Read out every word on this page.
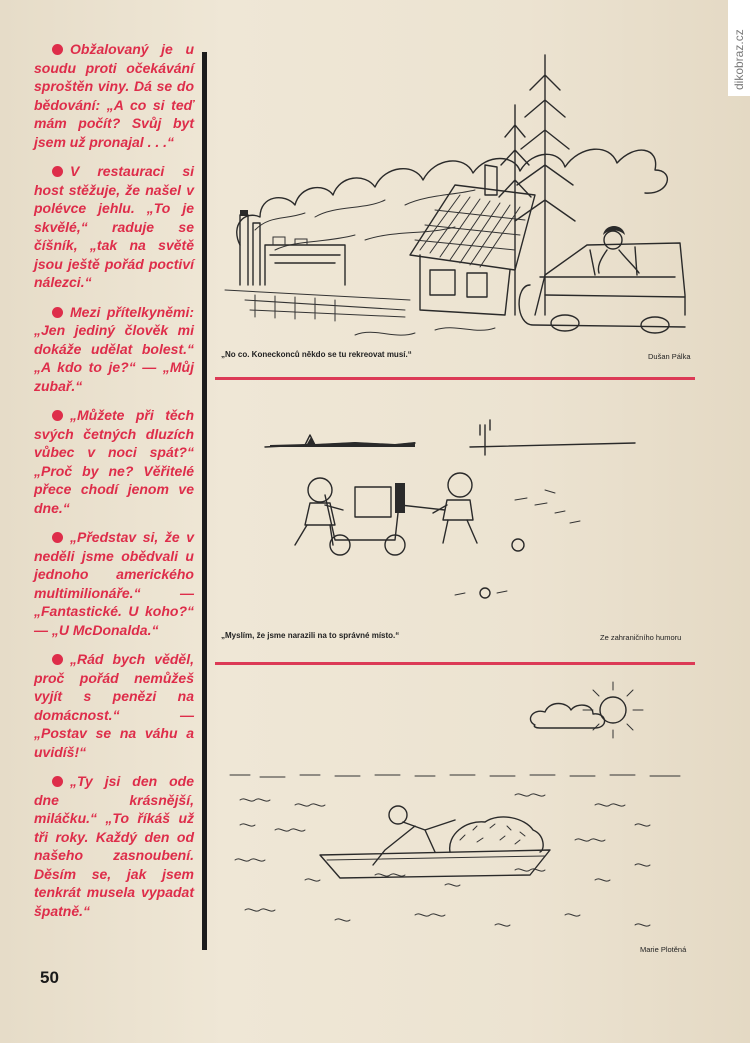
dikobraz.cz

Obžalovaný je u soudu proti očekávání sproštěn viny. Dá se do bědování: „A co si teď mám počít? Svůj byt jsem už pronajal . . .“

V restauraci si host stěžuje, že našel v polévce jehlu. „To je skvělé,“ raduje se číšník, „tak na světě jsou ještě pořád poctiví nálezci.“

Mezi přítelkyněmi: „Jen jediný člověk mi dokáže udělat bolest.“ „A kdo to je?“ — „Můj zubař.“

„Můžete při těch svých četných dluzích vůbec v noci spát?“ „Proč by ne? Věřitelé přece chodí jenom ve dne.“

„Představ si, že v neděli jsme obědvali u jednoho amerického multimilionáře.“ — „Fantastické. U koho?“ — „U McDonalda.“

„Rád bych věděl, proč pořád nemůžeš vyjít s penězi na domácnost.“ — „Postav se na váhu a uvidíš!“

„Ty jsi den ode dne krásnější, miláčku.“ „To říkáš už tři roky. Každý den od našeho zasnoubení. Děsím se, jak jsem tenkrát musela vypadat špatně.“

„No co. Koneckonců někdo se tu rekreovat musí.“	Dušan Pálka
„Myslím, že jsme narazili na to správné místo.“	Ze zahraničního humoru
Marie Plotěná
50
